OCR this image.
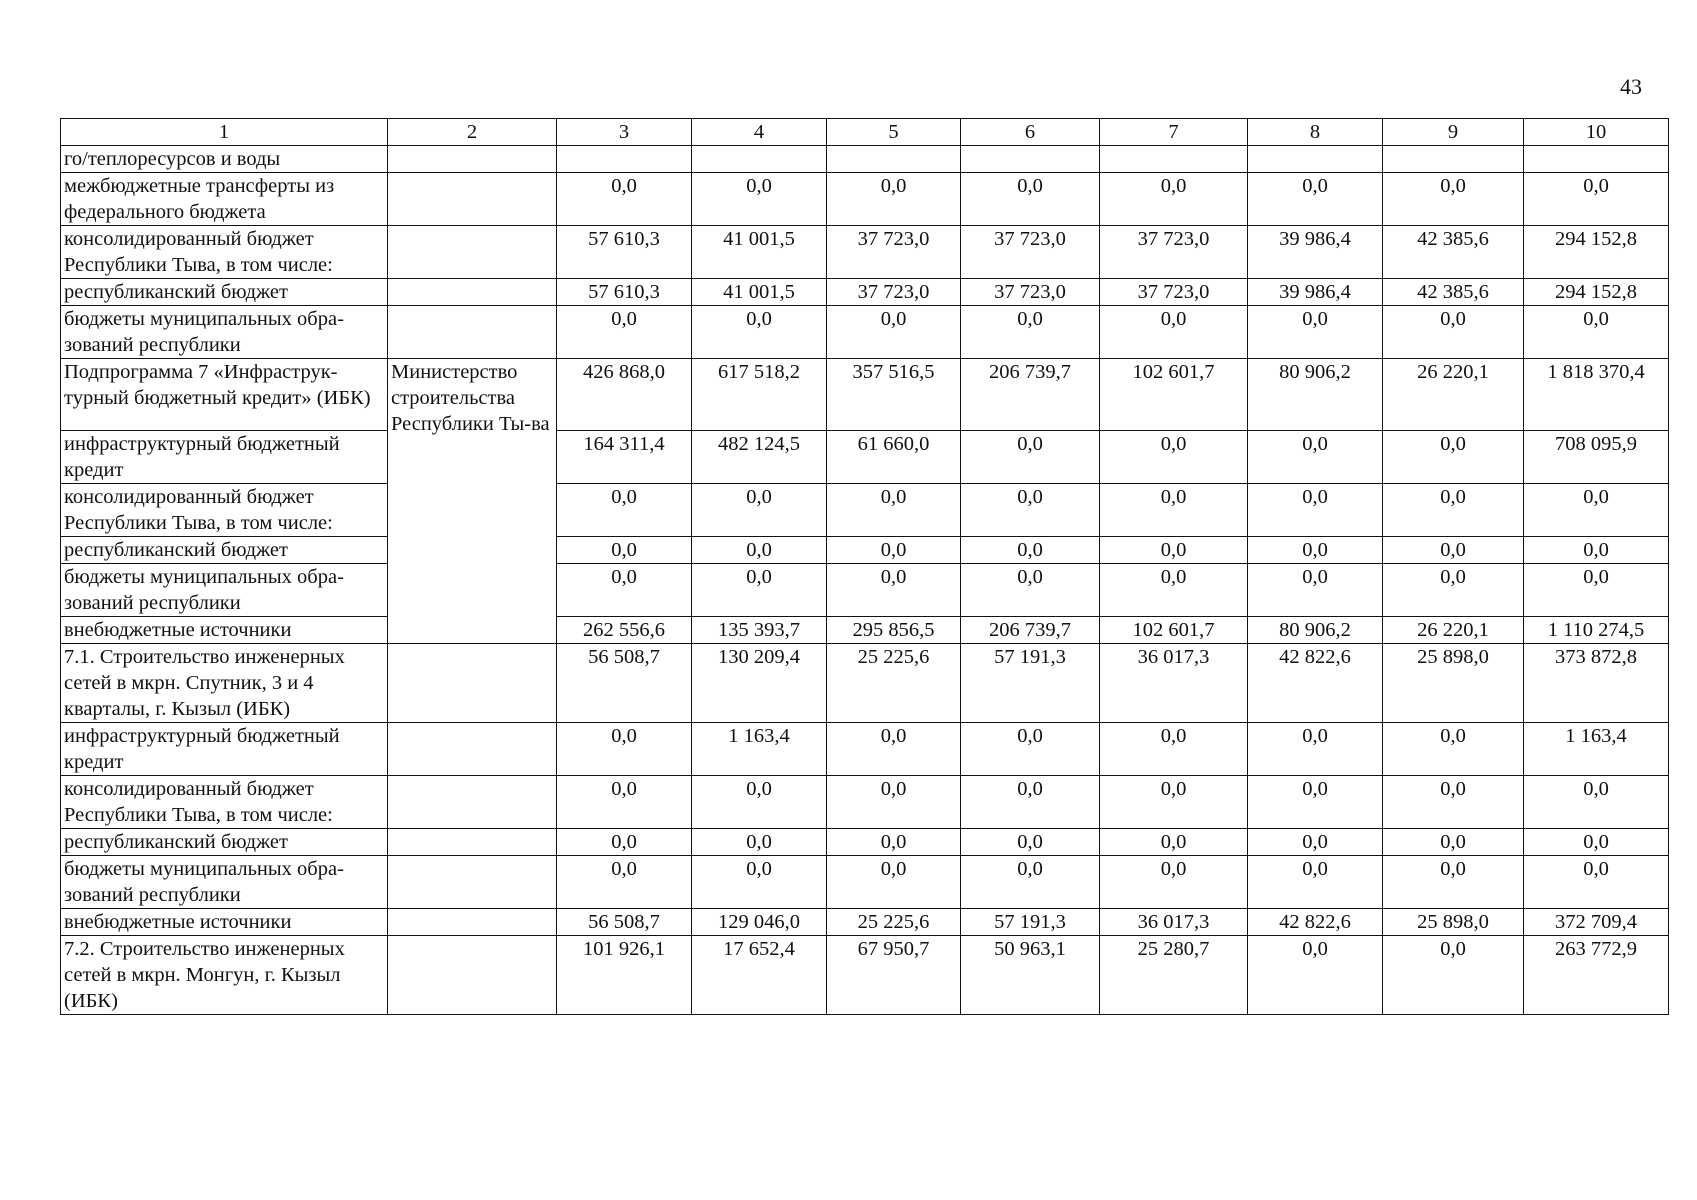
43
1	2	3	4	5	6	7	8	9	10
го/теплоресурсов и воды									
межбюджетные трансферты из федерального бюджета		0,0	0,0	0,0	0,0	0,0	0,0	0,0	0,0
консолидированный бюджет Республики Тыва, в том числе:		57 610,3	41 001,5	37 723,0	37 723,0	37 723,0	39 986,4	42 385,6	294 152,8
республиканский бюджет		57 610,3	41 001,5	37 723,0	37 723,0	37 723,0	39 986,4	42 385,6	294 152,8
бюджеты муниципальных обра-зований республики		0,0	0,0	0,0	0,0	0,0	0,0	0,0	0,0
Подпрограмма 7 «Инфраструк-турный бюджетный кредит» (ИБК)	Министерство строительства Республики Ты-ва	426 868,0	617 518,2	357 516,5	206 739,7	102 601,7	80 906,2	26 220,1	1 818 370,4
инфраструктурный бюджетный кредит		164 311,4	482 124,5	61 660,0	0,0	0,0	0,0	0,0	708 095,9
консолидированный бюджет Республики Тыва, в том числе:		0,0	0,0	0,0	0,0	0,0	0,0	0,0	0,0
республиканский бюджет		0,0	0,0	0,0	0,0	0,0	0,0	0,0	0,0
бюджеты муниципальных обра-зований республики		0,0	0,0	0,0	0,0	0,0	0,0	0,0	0,0
внебюджетные источники		262 556,6	135 393,7	295 856,5	206 739,7	102 601,7	80 906,2	26 220,1	1 110 274,5
7.1. Строительство инженерных сетей в мкрн. Спутник, 3 и 4 кварталы, г. Кызыл (ИБК)		56 508,7	130 209,4	25 225,6	57 191,3	36 017,3	42 822,6	25 898,0	373 872,8
инфраструктурный бюджетный кредит		0,0	1 163,4	0,0	0,0	0,0	0,0	0,0	1 163,4
консолидированный бюджет Республики Тыва, в том числе:		0,0	0,0	0,0	0,0	0,0	0,0	0,0	0,0
республиканский бюджет		0,0	0,0	0,0	0,0	0,0	0,0	0,0	0,0
бюджеты муниципальных обра-зований республики		0,0	0,0	0,0	0,0	0,0	0,0	0,0	0,0
внебюджетные источники		56 508,7	129 046,0	25 225,6	57 191,3	36 017,3	42 822,6	25 898,0	372 709,4
7.2. Строительство инженерных сетей в мкрн. Монгун, г. Кызыл (ИБК)		101 926,1	17 652,4	67 950,7	50 963,1	25 280,7	0,0	0,0	263 772,9
